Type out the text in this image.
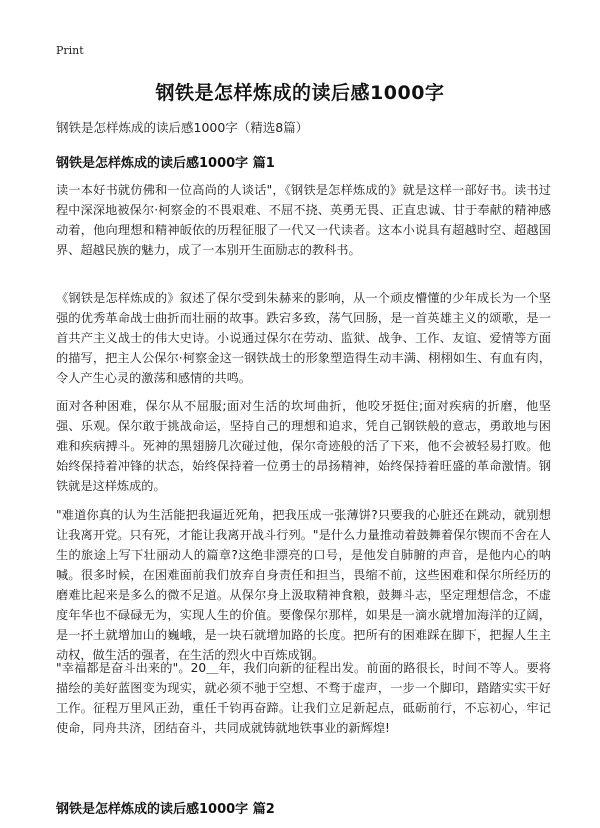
Print
钢铁是怎样炼成的读后感1000字
钢铁是怎样炼成的读后感1000字（精选8篇）
钢铁是怎样炼成的读后感1000字 篇1

读一本好书就仿佛和一位高尚的人谈话"，《钢铁是怎样炼成的》就是这样一部好书。读书过程中深深地被保尔·柯察金的不畏艰难、不屈不挠、英勇无畏、正直忠诚、甘于奉献的精神感动着，他向理想和精神皈依的历程征服了一代又一代读者。这本小说具有超越时空、超越国界、超越民族的魅力，成了一本别开生面励志的教科书。

《钢铁是怎样炼成的》叙述了保尔受到朱赫来的影响，从一个顽皮懵懂的少年成长为一个坚强的优秀革命战士曲折而壮丽的故事。跌宕多致，荡气回肠，是一首英雄主义的颂歌，是一首共产主义战士的伟大史诗。小说通过保尔在劳动、监狱、战争、工作、友谊、爱情等方面的描写，把主人公保尔·柯察金这一钢铁战士的形象塑造得生动丰满、栩栩如生、有血有肉，令人产生心灵的激荡和感情的共鸣。

面对各种困难，保尔从不屈服;面对生活的坎坷曲折，他咬牙挺住;面对疾病的折磨，他坚强、乐观。保尔敢于挑战命运，坚持自己的理想和追求，凭自己钢铁般的意志，勇敢地与困难和疾病搏斗。死神的黑翅膀几次碰过他，保尔奇迹般的活了下来，他不会被轻易打败。他始终保持着冲锋的状态，始终保持着一位勇士的昂扬精神，始终保持着旺盛的革命激情。钢铁就是这样炼成的。

"难道你真的认为生活能把我逼近死角，把我压成一张薄饼?只要我的心脏还在跳动，就别想让我离开党。只有死，才能让我离开战斗行列。"是什么力量推动着鼓舞着保尔锲而不舍在人生的旅途上写下壮丽动人的篇章?这绝非漂亮的口号，是他发自肺腑的声音，是他内心的呐喊。很多时候，在困难面前我们放弃自身责任和担当，畏缩不前，这些困难和保尔所经历的磨难比起来是多么的微不足道。从保尔身上汲取精神食粮，鼓舞斗志，坚定理想信念，不虚度年华也不碌碌无为，实现人生的价值。要像保尔那样，如果是一滴水就增加海洋的辽阔，是一抔土就增加山的巍峨，是一块石就增加路的长度。把所有的困难踩在脚下，把握人生主动权，做生活的强者，在生活的烈火中百炼成钢。

"幸福都是奋斗出来的"。20＿年，我们向新的征程出发。前面的路很长，时间不等人。要将描绘的美好蓝图变为现实，就必须不驰于空想、不骛于虚声，一步一个脚印，踏踏实实干好工作。征程万里风正劲，重任千钧再奋蹄。让我们立足新起点，砥砺前行，不忘初心，牢记使命，同舟共济，团结奋斗，共同成就铸就地铁事业的新辉煌!

钢铁是怎样炼成的读后感1000字 篇2
